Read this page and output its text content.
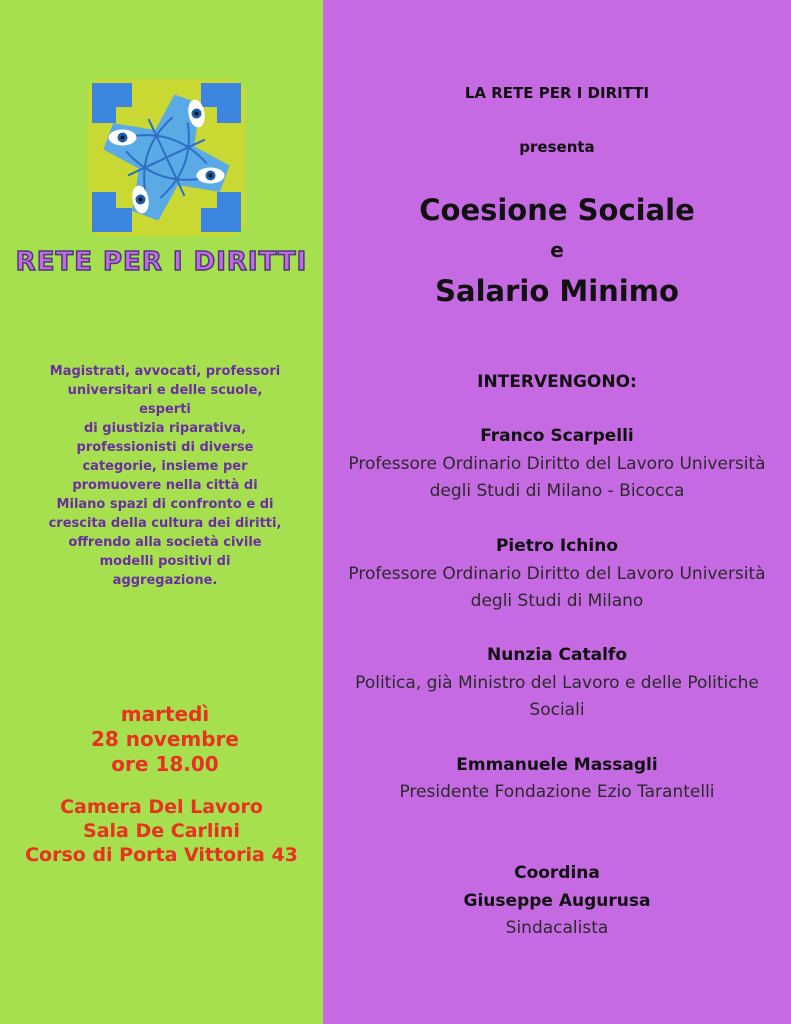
RETE PER I DIRITTI
Magistrati, avvocati, professori
universitari e delle scuole,
esperti
di giustizia riparativa,
professionisti di diverse
categorie, insieme per
promuovere nella città di
Milano spazi di confronto e di
crescita della cultura dei diritti,
offrendo alla società civile
modelli positivi di
aggregazione.
martedì
28 novembre
ore 18.00
Camera Del Lavoro
Sala De Carlini
Corso di Porta Vittoria 43
LA RETE PER I DIRITTI
presenta
Coesione Sociale
e
Salario Minimo
INTERVENGONO:
Franco Scarpelli
Professore Ordinario Diritto del Lavoro Università
degli Studi di Milano - Bicocca
Pietro Ichino
Professore Ordinario Diritto del Lavoro Università
degli Studi di Milano
Nunzia Catalfo
Politica, già Ministro del Lavoro e delle Politiche
Sociali
Emmanuele Massagli
Presidente Fondazione Ezio Tarantelli
Coordina
Giuseppe Augurusa
Sindacalista
